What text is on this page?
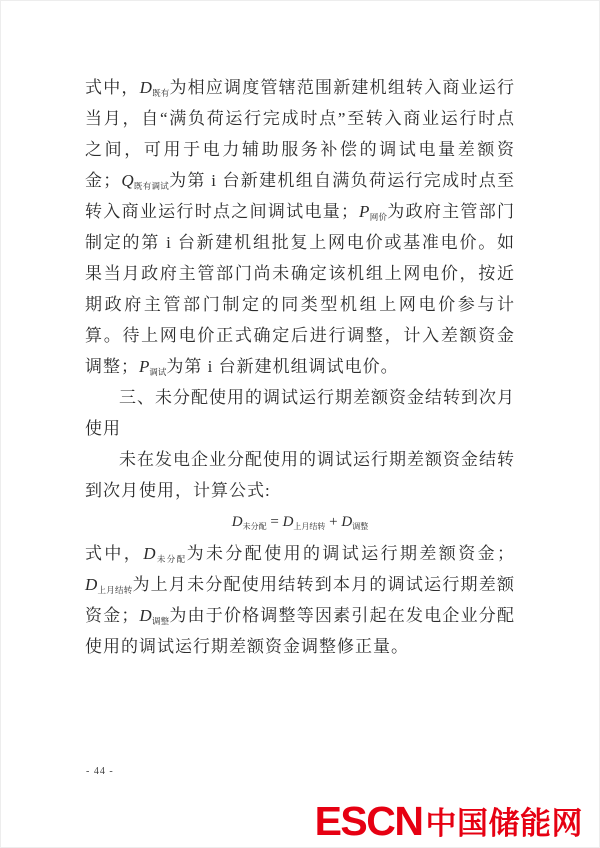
式中，$D_{既有}$为相应调度管辖范围新建机组转入商业运行当月，自“满负荷运行完成时点”至转入商业运行时点之间，可用于电力辅助服务补偿的调试电量差额资金；$Q_{既有调试}$为第 i 台新建机组自满负荷运行完成时点至转入商业运行时点之间调试电量；$P_{网价}$为政府主管部门制定的第 i 台新建机组批复上网电价或基准电价。如果当月政府主管部门尚未确定该机组上网电价，按近期政府主管部门制定的同类型机组上网电价参与计算。待上网电价正式确定后进行调整，计入差额资金调整；$P_{调试}$为第 i 台新建机组调试电价。

三、未分配使用的调试运行期差额资金结转到次月使用

未在发电企业分配使用的调试运行期差额资金结转到次月使用，计算公式:

$D_{未分配} = D_{上月结转} + D_{调整}$

式中，$D_{未分配}$为未分配使用的调试运行期差额资金；$D_{上月结转}$为上月未分配使用结转到本月的调试运行期差额资金；$D_{调整}$为由于价格调整等因素引起在发电企业分配使用的调试运行期差额资金调整修正量。

- 44 -
ESCN 中国储能网
